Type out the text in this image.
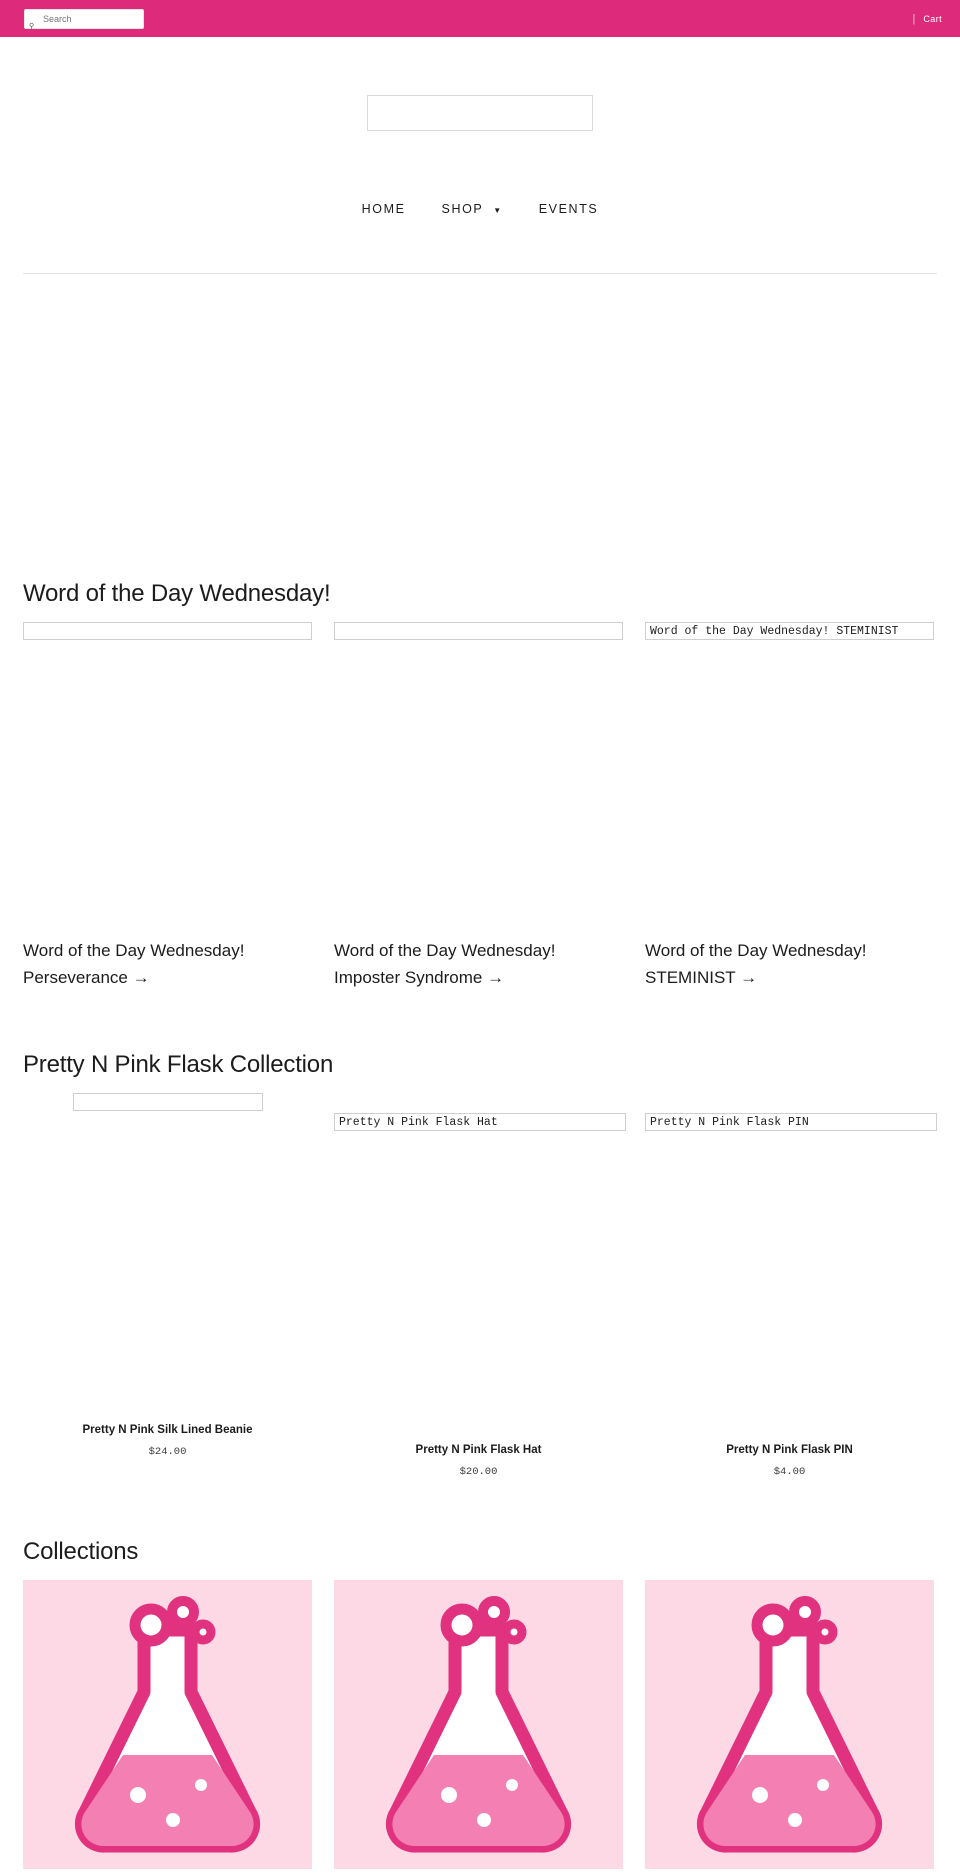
⚲
Search
| Cart
HOME	SHOP ▼	EVENTS
Word of the Day Wednesday!
Word of the Day Wednesday! Perseverance →
Word of the Day Wednesday! Imposter Syndrome →
Word of the Day Wednesday! STEMINIST
Word of the Day Wednesday! STEMINIST →
Pretty N Pink Flask Collection
Pretty N Pink Silk Lined Beanie
$24.00
Pretty N Pink Flask Hat
Pretty N Pink Flask Hat
$20.00
Pretty N Pink Flask PIN
Pretty N Pink Flask PIN
$4.00
Collections
